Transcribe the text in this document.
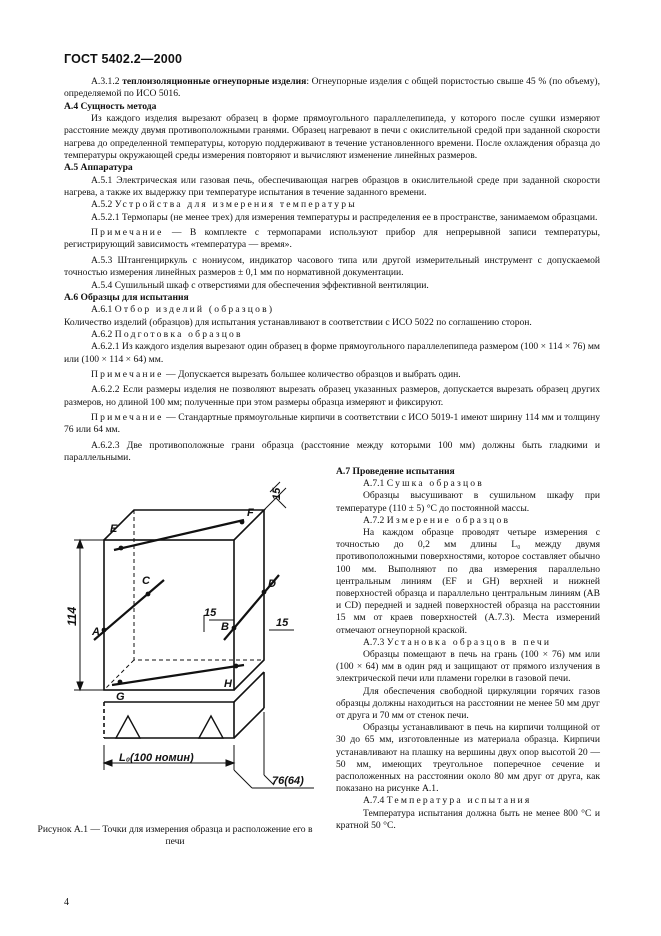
ГОСТ 5402.2—2000

А.3.1.2 теплоизоляционные огнеупорные изделия: Огнеупорные изделия с общей пористостью свыше 45 % (по объему), определяемой по ИСО 5016.

А.4 Сущность метода

Из каждого изделия вырезают образец в форме прямоугольного параллелепипеда, у которого после сушки измеряют расстояние между двумя противоположными гранями. Образец нагревают в печи с окислительной средой при заданной скорости нагрева до определенной температуры, которую поддерживают в течение установленного времени. После охлаждения образца до температуры окружающей среды измерения повторяют и вычисляют изменение линейных размеров.

А.5 Аппаратура

А.5.1 Электрическая или газовая печь, обеспечивающая нагрев образцов в окислительной среде при заданной скорости нагрева, а также их выдержку при температуре испытания в течение заданного времени.

А.5.2 Устройства для измерения температуры

А.5.2.1 Термопары (не менее трех) для измерения температуры и распределения ее в пространстве, занимаемом образцами.

Примечание — В комплекте с термопарами используют прибор для непрерывной записи температуры, регистрирующий зависимость «температура — время».

А.5.3 Штангенциркуль с нониусом, индикатор часового типа или другой измерительный инструмент с допускаемой точностью измерения линейных размеров ± 0,1 мм по нормативной документации.

А.5.4 Сушильный шкаф с отверстиями для обеспечения эффективной вентиляции.

А.6 Образцы для испытания

А.6.1 Отбор изделий (образцов)

Количество изделий (образцов) для испытания устанавливают в соответствии с ИСО 5022 по соглашению сторон.

А.6.2 Подготовка образцов

А.6.2.1 Из каждого изделия вырезают один образец в форме прямоугольного параллелепипеда размером (100 × 114 × 76) мм или (100 × 114 × 64) мм.

Примечание — Допускается вырезать большее количество образцов и выбрать один.

А.6.2.2 Если размеры изделия не позволяют вырезать образец указанных размеров, допускается вырезать образец других размеров, но длиной 100 мм; полученные при этом размеры образца измеряют и фиксируют.

Примечание — Стандартные прямоугольные кирпичи в соответствии с ИСО 5019-1 имеют ширину 114 мм и толщину 76 или 64 мм.

А.6.2.3 Две противоположные грани образца (расстояние между которыми 100 мм) должны быть гладкими и параллельными.

E
F
C	D
A	B
G
H
114
15
15
15
L₀(100 номин)
76(64)
Рисунок А.1 — Точки для измерения образца и расположение его в печи

А.7 Проведение испытания

А.7.1 Сушка образцов

Образцы высушивают в сушильном шкафу при температуре (110 ± 5) °С до постоянной массы.

А.7.2 Измерение образцов

На каждом образце проводят четыре измерения с точностью до 0,2 мм длины L₀ между двумя противоположными поверхностями, которое составляет обычно 100 мм. Выполняют по два измерения параллельно центральным линиям (EF и GH) верхней и нижней поверхностей образца и параллельно центральным линиям (AB и CD) передней и задней поверхностей образца на расстоянии 15 мм от краев поверхностей (А.7.3). Места измерений отмечают огнеупорной краской.

А.7.3 Установка образцов в печи

Образцы помещают в печь на грань (100 × 76) мм или (100 × 64) мм в один ряд и защищают от прямого излучения в электрической печи или пламени горелки в газовой печи.

Для обеспечения свободной циркуляции горячих газов образцы должны находиться на расстоянии не менее 50 мм друг от друга и 70 мм от стенок печи.

Образцы устанавливают в печь на кирпичи толщиной от 30 до 65 мм, изготовленные из материала образца. Кирпичи устанавливают на плашку на вершины двух опор высотой 20 — 50 мм, имеющих треугольное поперечное сечение и расположенных на расстоянии около 80 мм друг от друга, как показано на рисунке А.1.

А.7.4 Температура испытания

Температура испытания должна быть не менее 800 °С и кратной 50 °С.

4
